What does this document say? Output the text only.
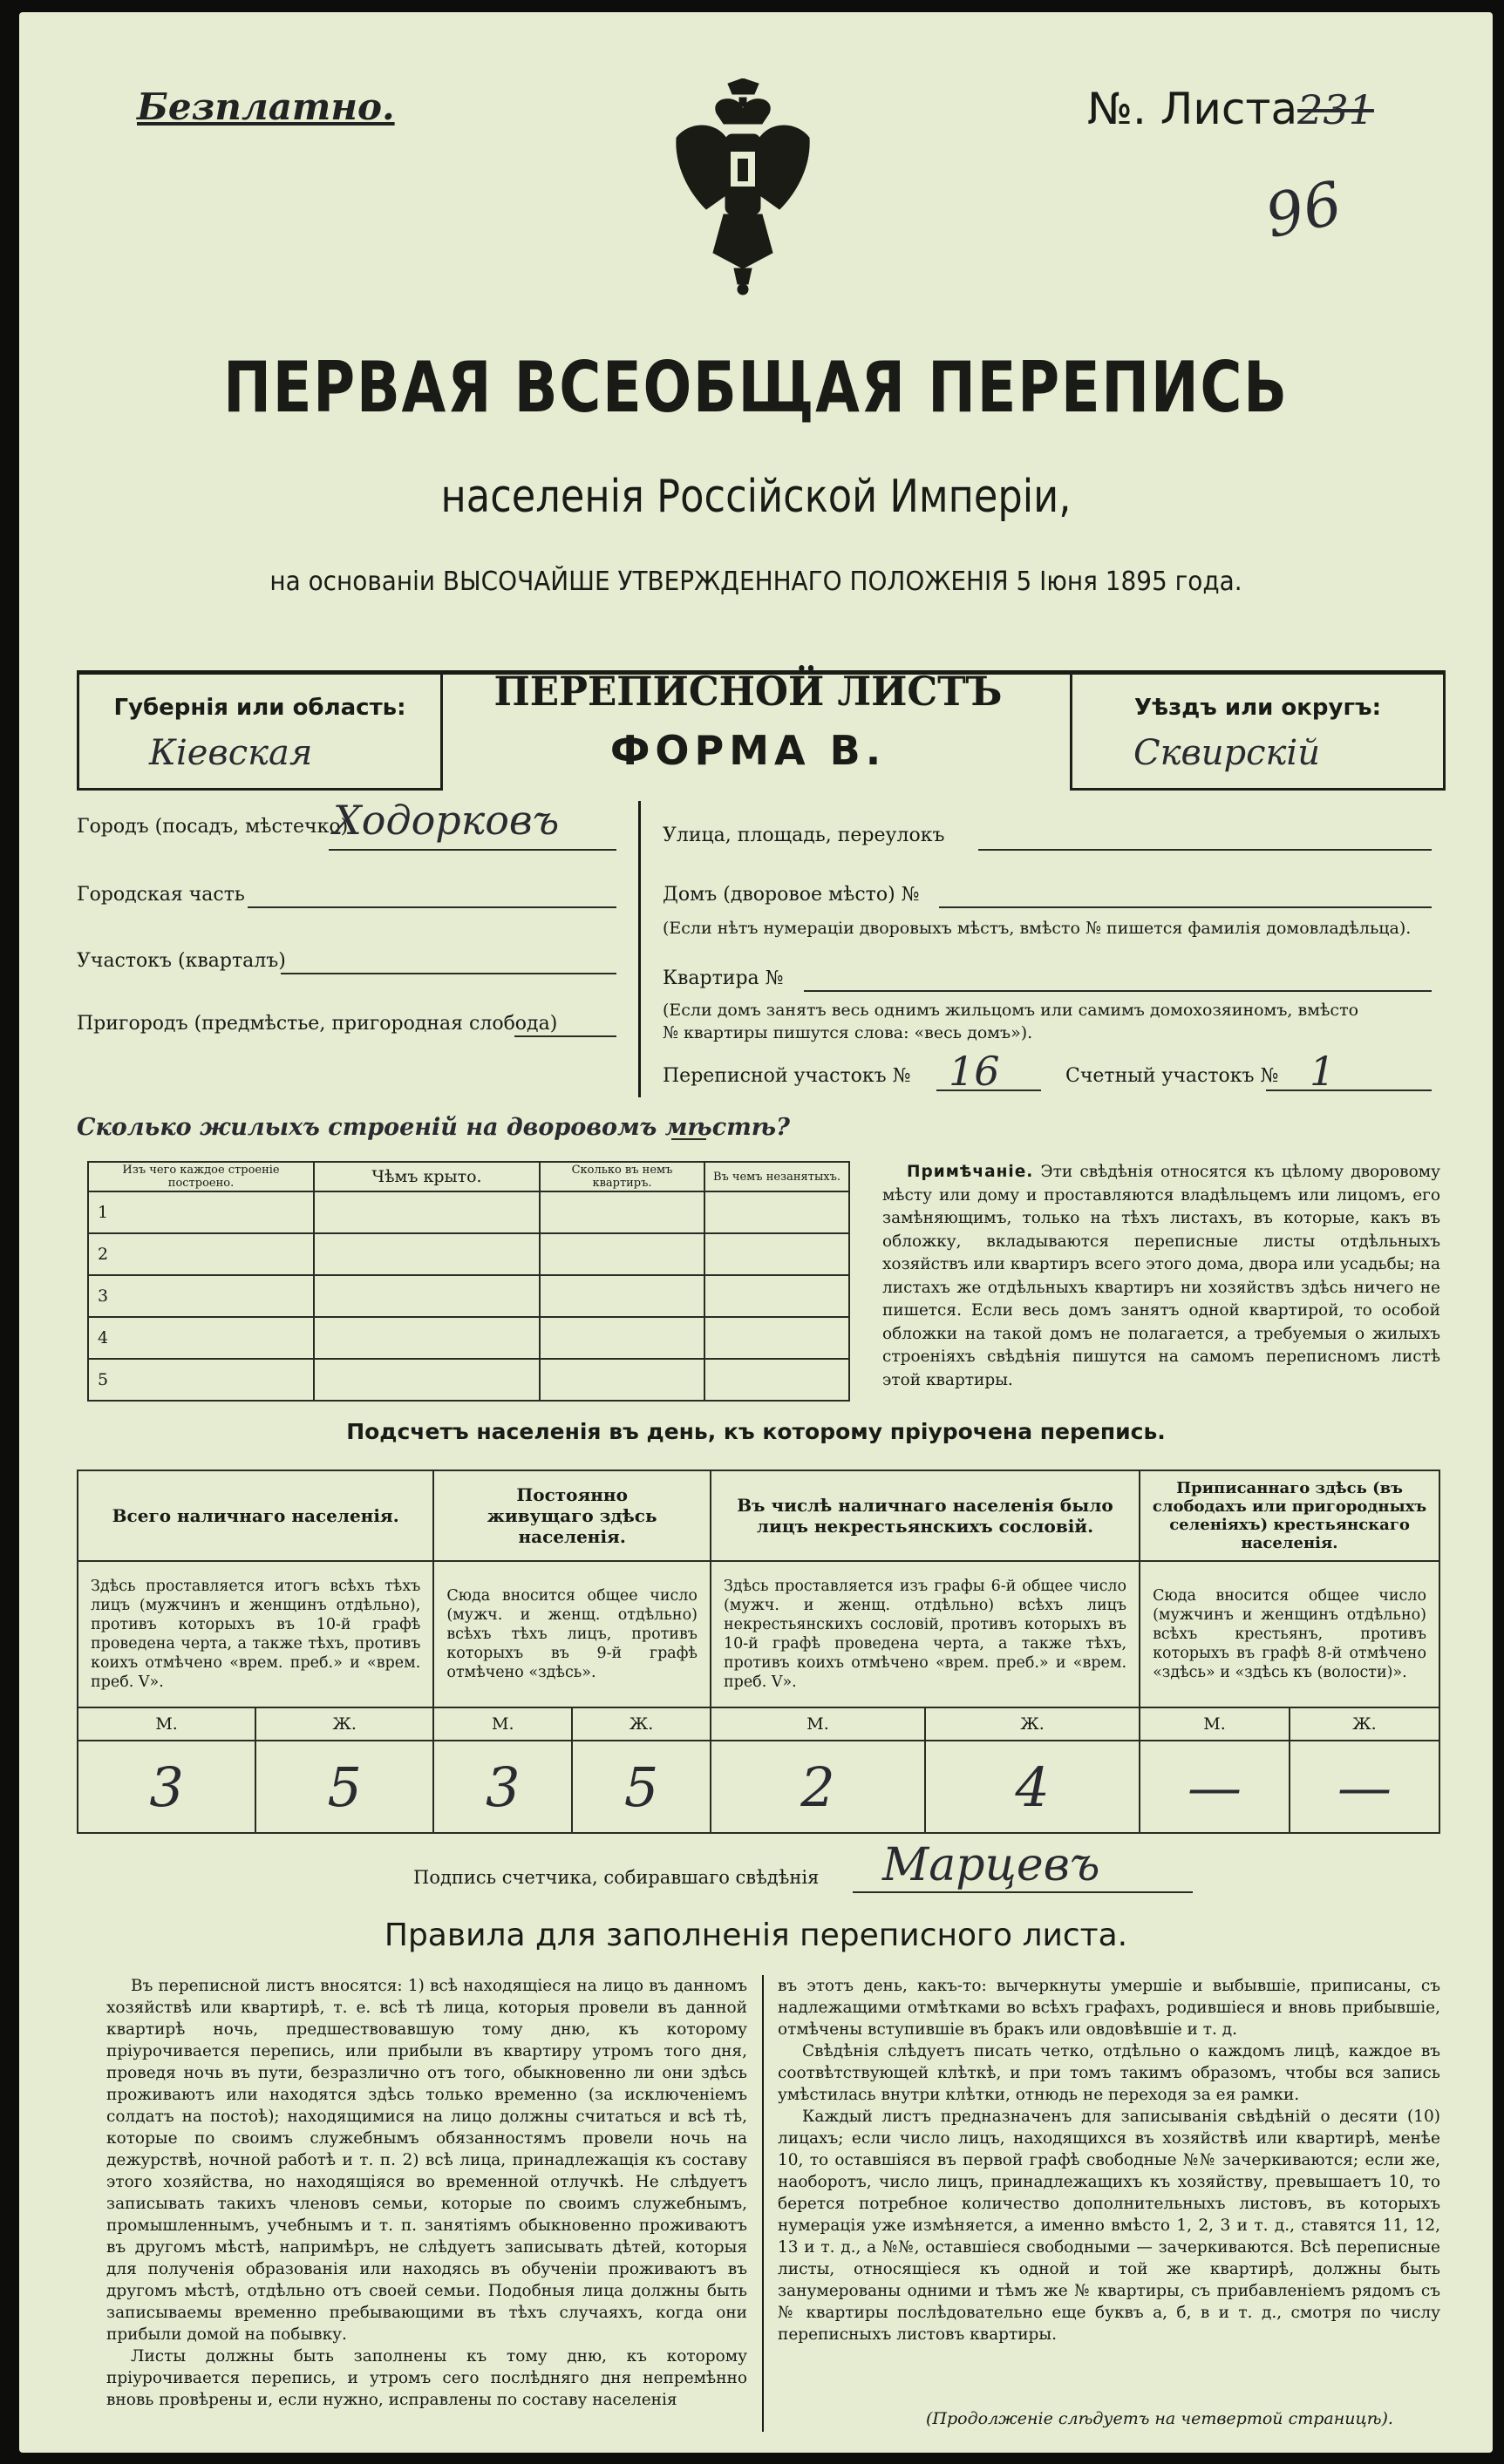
Безплатно.	№. Листа231
96
ПЕРВАЯ ВСЕОБЩАЯ ПЕРЕПИСЬ
населенія Россійской Имперіи,
на основаніи ВЫСОЧАЙШЕ УТВЕРЖДЕННАГО ПОЛОЖЕНІЯ 5 Іюня 1895 года.
Губернія или область:
Кіевская
ПЕРЕПИСНОЙ ЛИСТЪ
ФОРМА В.
Уѣздъ или округъ:
Сквирскій
Городъ (посадъ, мѣстечко)
Ходорковъ
Городская часть
Участокъ (кварталъ)
Пригородъ (предмѣстье, пригородная слобода)
Улица, площадь, переулокъ
Домъ (дворовое мѣсто) №
(Если нѣтъ нумераціи дворовыхъ мѣстъ, вмѣсто № пишется фамилія домовладѣльца).
Квартира №
(Если домъ занятъ весь однимъ жильцомъ или самимъ домохозяиномъ, вмѣсто
№ квартиры пишутся слова: «весь домъ»).
Переписной участокъ № 16	Счетный участокъ № 1
Сколько жилыхъ строеній на дворовомъ мѣстѣ?
Изъ чего каждое строеніе построено.	Чѣмъ крыто.	Сколько въ немъ квартиръ.	Въ чемъ незанятыхъ.
1			
2			
3			
4			
5			
Примѣчаніе. Эти свѣдѣнія относятся къ цѣлому дворовому мѣсту или дому и проставляются владѣльцемъ или лицомъ, его замѣняющимъ, только на тѣхъ листахъ, въ которые, какъ въ обложку, вкладываются переписные листы отдѣльныхъ хозяйствъ или квартиръ всего этого дома, двора или усадьбы; на листахъ же отдѣльныхъ квартиръ ни хозяйствъ здѣсь ничего не пишется. Если весь домъ занятъ одной квартирой, то особой обложки на такой домъ не полагается, а требуемыя о жилыхъ строеніяхъ свѣдѣнія пишутся на самомъ переписномъ листѣ этой квартиры.
Подсчетъ населенія въ день, къ которому пріурочена перепись.
Всего наличнаго населенія.		Постоянно живущаго здѣсь населенія.		Въ числѣ наличнаго населенія было лицъ некрестьянскихъ сословій.		Приписаннаго здѣсь (въ слободахъ или пригородныхъ селеніяхъ) крестьянскаго населенія.	
Здѣсь проставляется итогъ всѣхъ тѣхъ лицъ (мужчинъ и женщинъ отдѣльно), противъ которыхъ въ 10-й графѣ проведена черта, а также тѣхъ, противъ коихъ отмѣчено «врем. преб.» и «врем. преб. V».		Сюда вносится общее число (мужч. и женщ. отдѣльно) всѣхъ тѣхъ лицъ, противъ которыхъ въ 9-й графѣ отмѣчено «здѣсь».		Здѣсь проставляется изъ графы 6-й общее число (мужч. и женщ. отдѣльно) всѣхъ лицъ некрестьянскихъ сословій, противъ которыхъ въ 10-й графѣ проведена черта, а также тѣхъ, противъ коихъ отмѣчено «врем. преб.» и «врем. преб. V».		Сюда вносится общее число (мужчинъ и женщинъ отдѣльно) всѣхъ крестьянъ, противъ которыхъ въ графѣ 8-й отмѣчено «здѣсь» и «здѣсь къ (волости)».	
М.	Ж.	М.	Ж.	М.	Ж.	М.	Ж.
3	5	3	5	2	4	—	—
Подпись счетчика, собиравшаго свѣдѣнія Марцевъ
Правила для заполненія переписного листа.

Въ переписной листъ вносятся: 1) всѣ находящіеся на лицо въ данномъ хозяйствѣ или квартирѣ, т. е. всѣ тѣ лица, которыя провели въ данной квартирѣ ночь, предшествовавшую тому дню, къ которому пріурочивается перепись, или прибыли въ квартиру утромъ того дня, проведя ночь въ пути, безразлично отъ того, обыкновенно ли они здѣсь проживаютъ или находятся здѣсь только временно (за исключеніемъ солдатъ на постоѣ); находящимися на лицо должны считаться и всѣ тѣ, которые по своимъ служебнымъ обязанностямъ провели ночь на дежурствѣ, ночной работѣ и т. п. 2) всѣ лица, принадлежащія къ составу этого хозяйства, но находящіяся во временной отлучкѣ. Не слѣдуетъ записывать такихъ членовъ семьи, которые по своимъ служебнымъ, промышленнымъ, учебнымъ и т. п. занятіямъ обыкновенно проживаютъ въ другомъ мѣстѣ, напримѣръ, не слѣдуетъ записывать дѣтей, которыя для полученія образованія или находясь въ обученіи проживаютъ въ другомъ мѣстѣ, отдѣльно отъ своей семьи. Подобныя лица должны быть записываемы временно пребывающими въ тѣхъ случаяхъ, когда они прибыли домой на побывку.

Листы должны быть заполнены къ тому дню, къ которому пріурочивается перепись, и утромъ сего послѣдняго дня непремѣнно вновь провѣрены и, если нужно, исправлены по составу населенія

въ этотъ день, какъ-то: вычеркнуты умершіе и выбывшіе, приписаны, съ надлежащими отмѣтками во всѣхъ графахъ, родившіеся и вновь прибывшіе, отмѣчены вступившіе въ бракъ или овдовѣвшіе и т. д.

Свѣдѣнія слѣдуетъ писать четко, отдѣльно о каждомъ лицѣ, каждое въ соотвѣтствующей клѣткѣ, и при томъ такимъ образомъ, чтобы вся запись умѣстилась внутри клѣтки, отнюдь не переходя за ея рамки.

Каждый листъ предназначенъ для записыванія свѣдѣній о десяти (10) лицахъ; если число лицъ, находящихся въ хозяйствѣ или квартирѣ, менѣе 10, то оставшіяся въ первой графѣ свободные №№ зачеркиваются; если же, наоборотъ, число лицъ, принадлежащихъ къ хозяйству, превышаетъ 10, то берется потребное количество дополнительныхъ листовъ, въ которыхъ нумерація уже измѣняется, а именно вмѣсто 1, 2, 3 и т. д., ставятся 11, 12, 13 и т. д., а №№, оставшіеся свободными — зачеркиваются. Всѣ переписные листы, относящіеся къ одной и той же квартирѣ, должны быть занумерованы одними и тѣмъ же № квартиры, съ прибавленіемъ рядомъ съ № квартиры послѣдовательно еще буквъ а, б, в и т. д., смотря по числу переписныхъ листовъ квартиры.

(Продолженіе слѣдуетъ на четвертой страницѣ).
